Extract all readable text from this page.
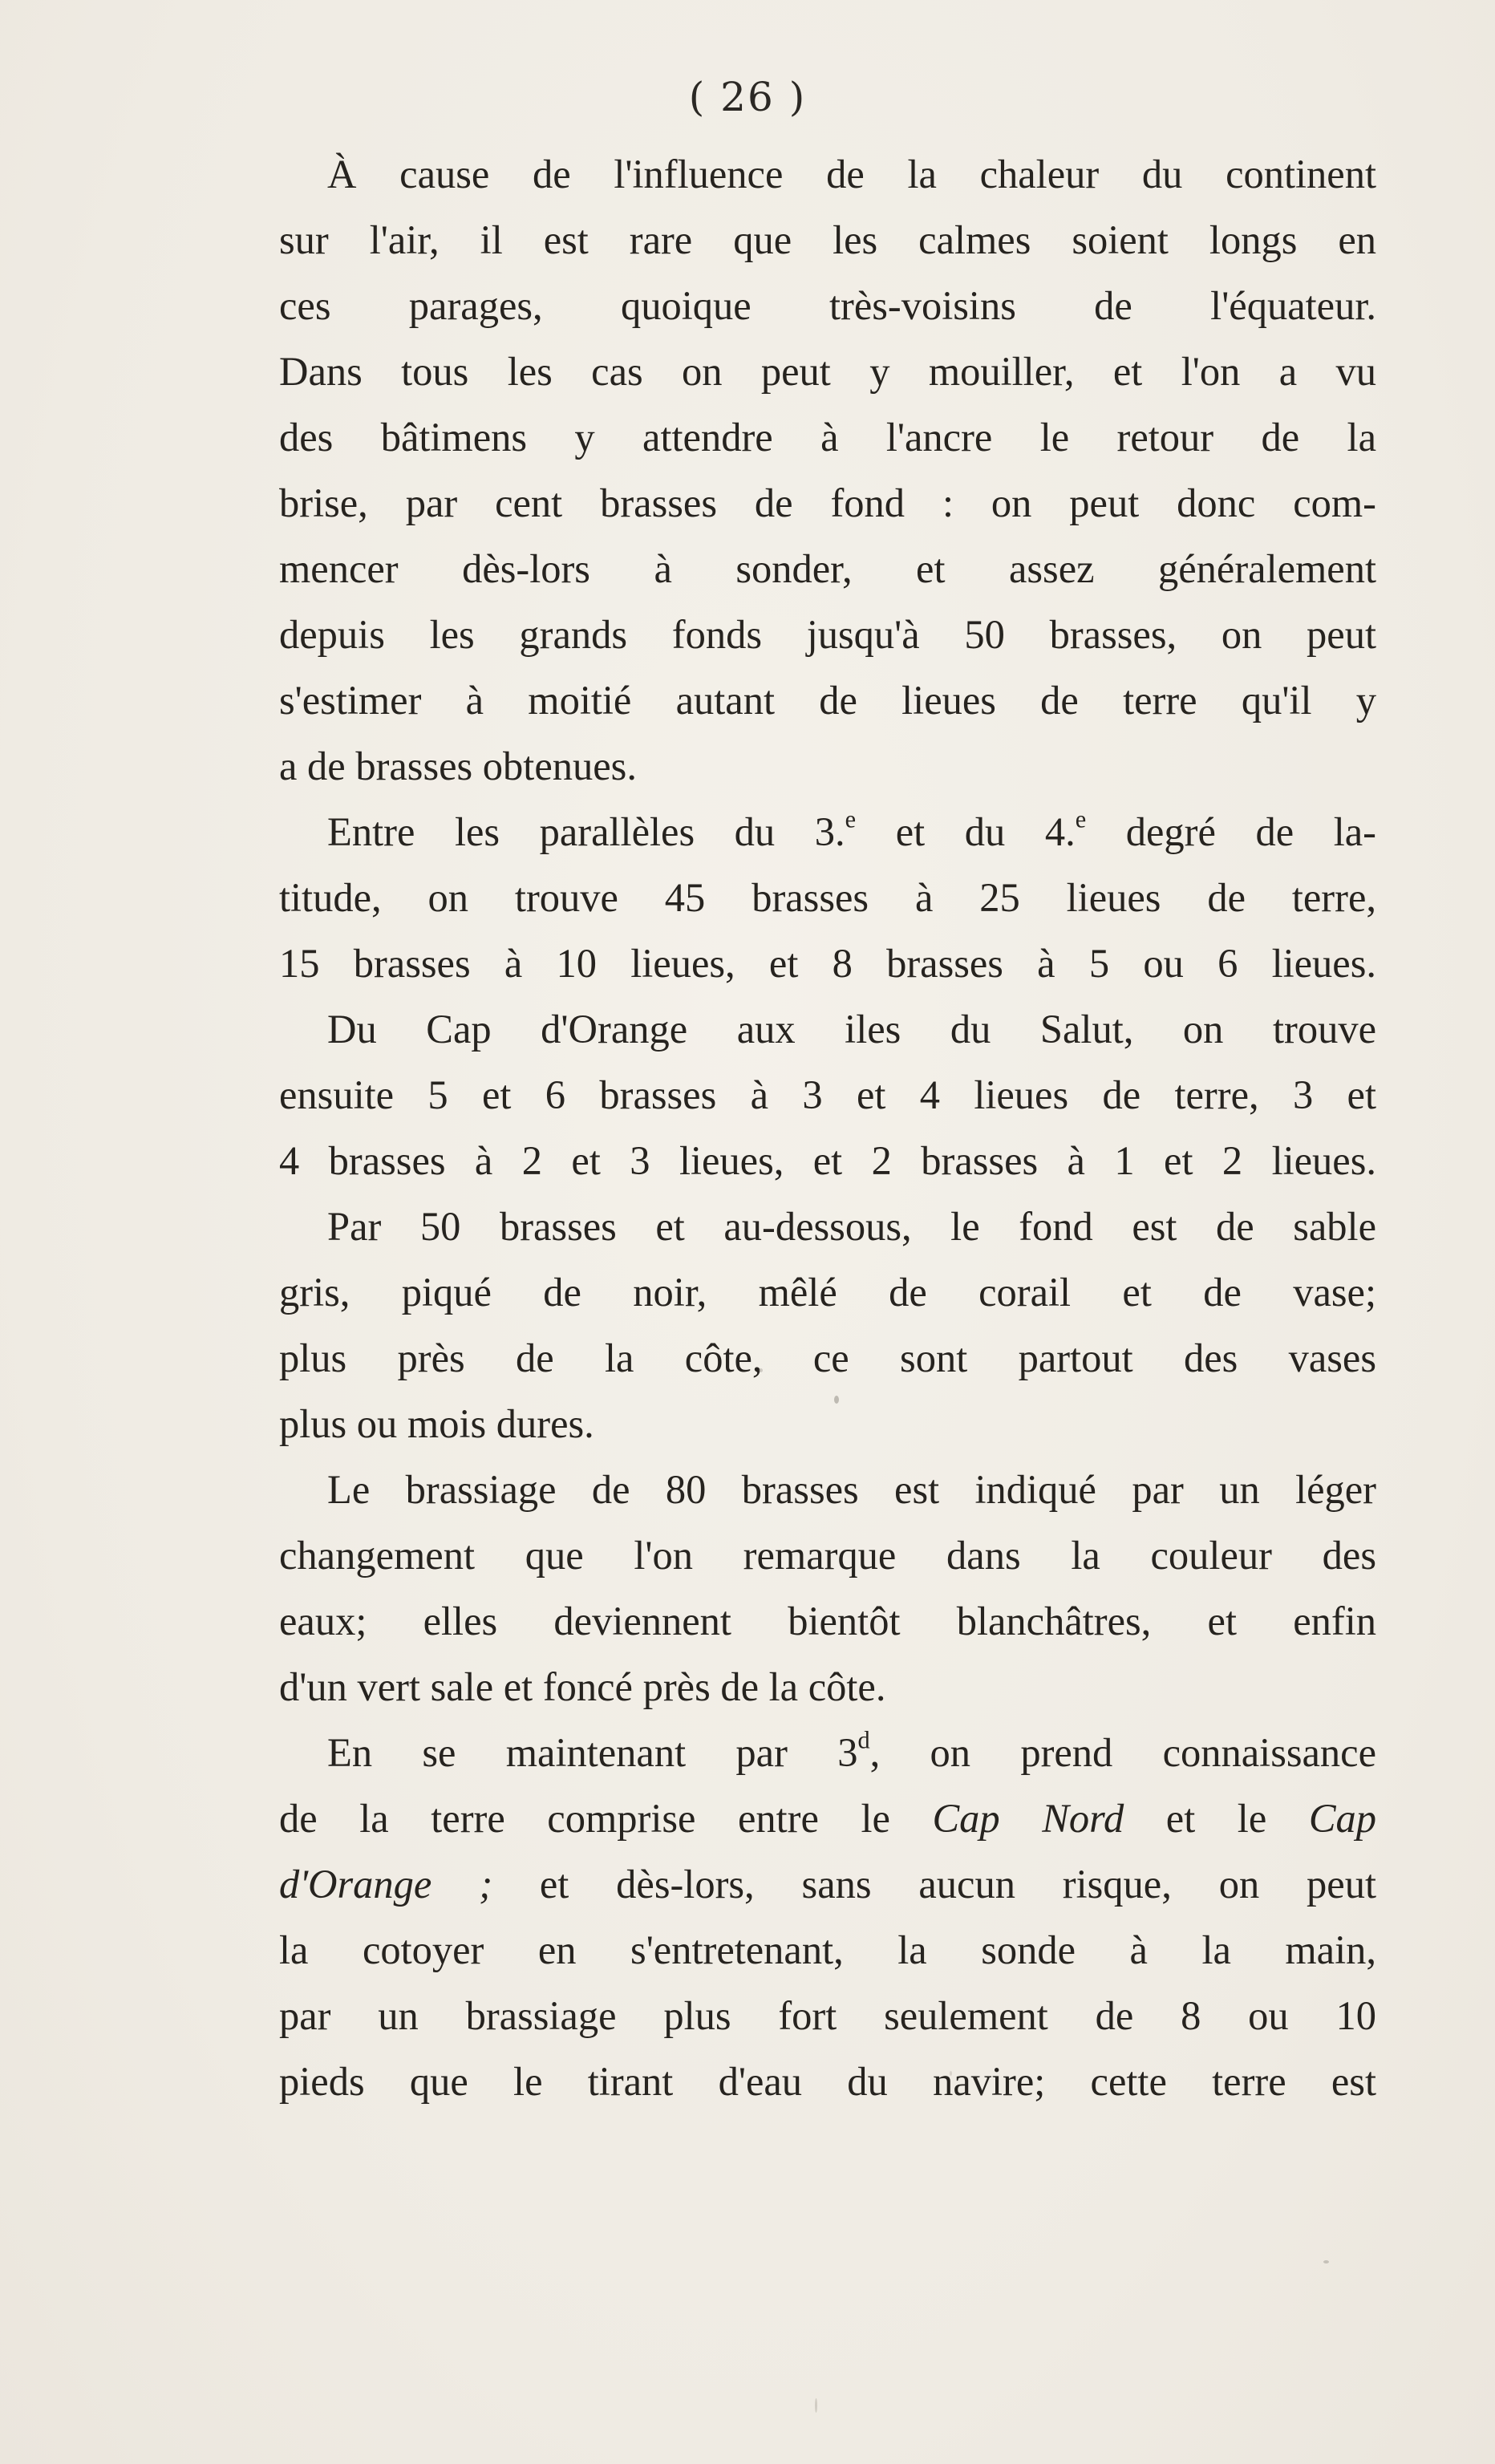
( 26 )
À cause de l'influence de la chaleur du continent
sur l'air, il est rare que les calmes soient longs en
ces parages, quoique très-voisins de l'équateur.
Dans tous les cas on peut y mouiller, et l'on a vu
des bâtimens y attendre à l'ancre le retour de la
brise, par cent brasses de fond : on peut donc com-
mencer dès-lors à sonder, et assez généralement
depuis les grands fonds jusqu'à 50 brasses, on peut
s'estimer à moitié autant de lieues de terre qu'il y
a de brasses obtenues.
Entre les parallèles du 3.$^e$ et du 4.$^e$ degré de la-
titude, on trouve 45 brasses à 25 lieues de terre,
15 brasses à 10 lieues, et 8 brasses à 5 ou 6 lieues.
Du Cap d'Orange aux iles du Salut, on trouve
ensuite 5 et 6 brasses à 3 et 4 lieues de terre, 3 et
4 brasses à 2 et 3 lieues, et 2 brasses à 1 et 2 lieues.
Par 50 brasses et au-dessous, le fond est de sable
gris, piqué de noir, mêlé de corail et de vase;
plus près de la côte, ce sont partout des vases
plus ou mois dures.
Le brassiage de 80 brasses est indiqué par un léger
changement que l'on remarque dans la couleur des
eaux; elles deviennent bientôt blanchâtres, et enfin
d'un vert sale et foncé près de la côte.
En se maintenant par 3$^d$, on prend connaissance
de la terre comprise entre le Cap Nord et le Cap
d'Orange ; et dès-lors, sans aucun risque, on peut
la cotoyer en s'entretenant, la sonde à la main,
par un brassiage plus fort seulement de 8 ou 10
pieds que le tirant d'eau du navire; cette terre est
